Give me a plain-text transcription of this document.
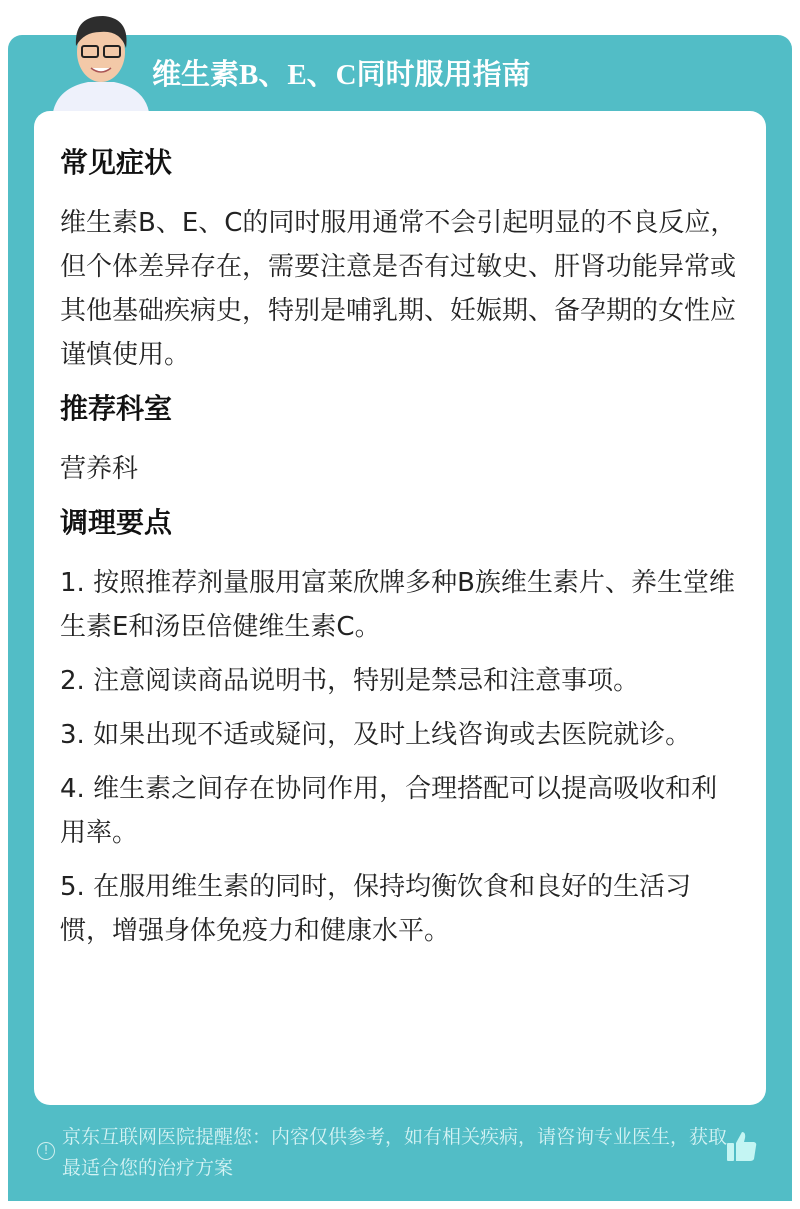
维生素B、E、C同时服用指南
常见症状

维生素B、E、C的同时服用通常不会引起明显的不良反应，但个体差异存在，需要注意是否有过敏史、肝肾功能异常或其他基础疾病史，特别是哺乳期、妊娠期、备孕期的女性应谨慎使用。

推荐科室

营养科

调理要点

1. 按照推荐剂量服用富莱欣牌多种B族维生素片、养生堂维生素E和汤臣倍健维生素C。

2. 注意阅读商品说明书，特别是禁忌和注意事项。

3. 如果出现不适或疑问，及时上线咨询或去医院就诊。

4. 维生素之间存在协同作用，合理搭配可以提高吸收和利用率。

5. 在服用维生素的同时，保持均衡饮食和良好的生活习惯，增强身体免疫力和健康水平。

!
京东互联网医院提醒您：内容仅供参考，如有相关疾病，请咨询专业医生，获取最适合您的治疗方案
